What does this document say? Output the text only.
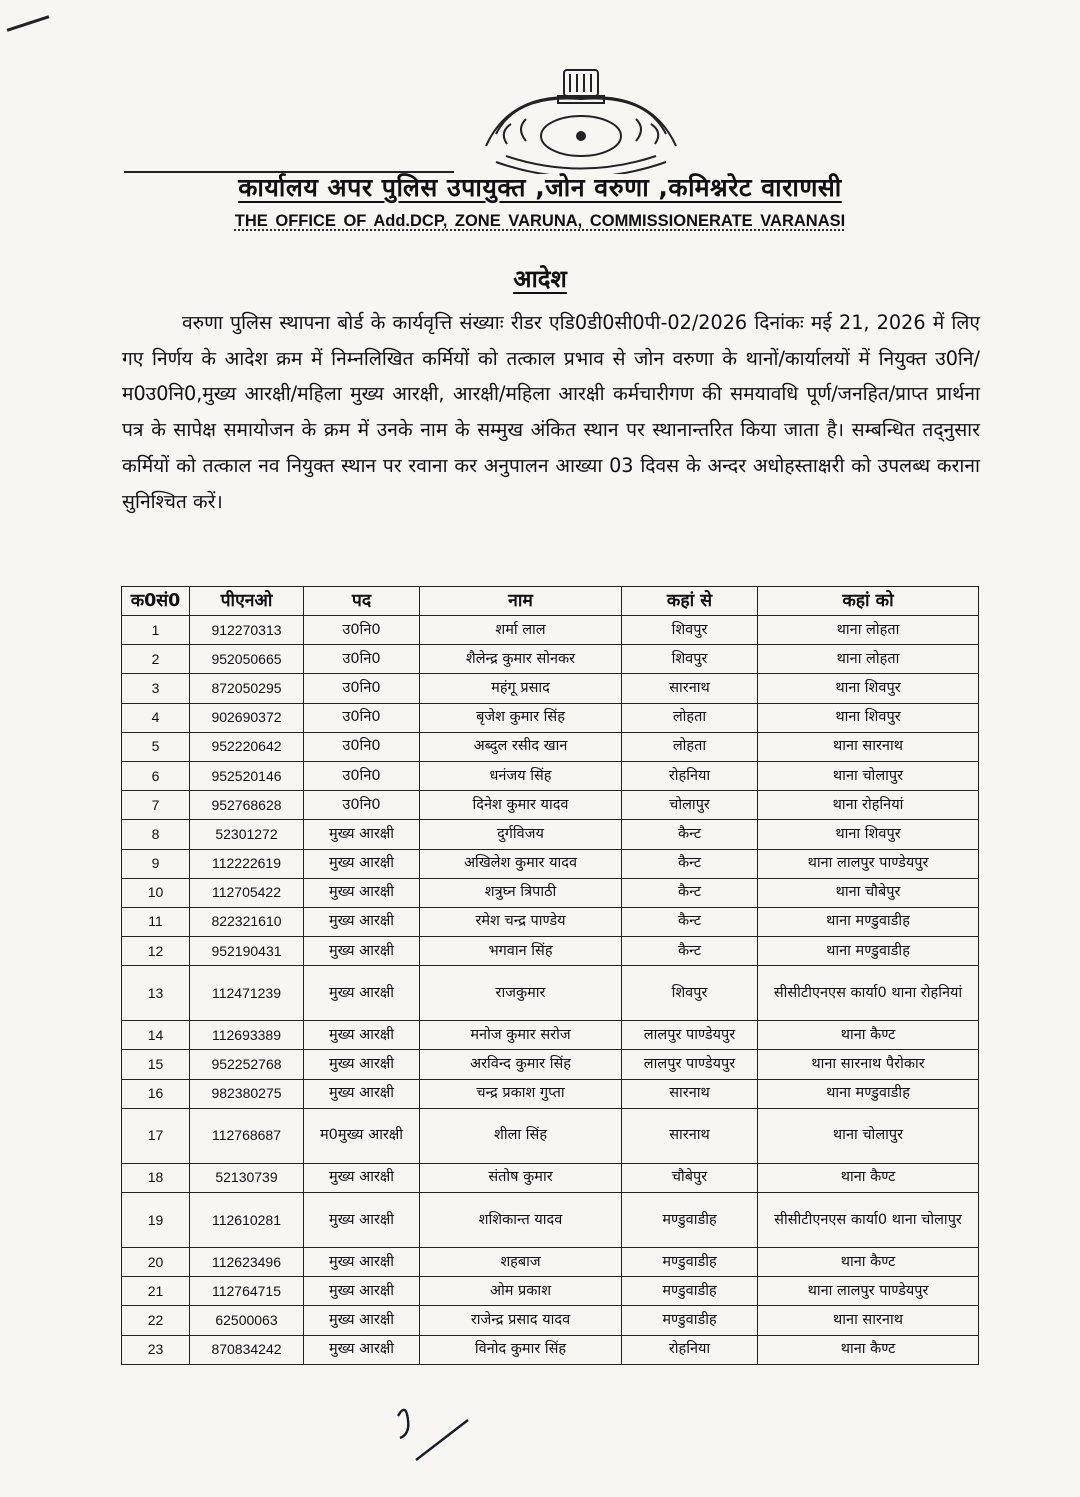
कार्यालय अपर पुलिस उपायुक्त ,जोन वरुणा ,कमिश्नरेट वाराणसी
THE OFFICE OF Add.DCP, ZONE VARUNA, COMMISSIONERATE VARANASI
आदेश

वरुणा पुलिस स्थापना बोर्ड के कार्यवृत्ति संख्याः रीडर एडि0डी0सी0पी-02/2026 दिनांकः मई 21, 2026 में लिए गए निर्णय के आदेश क्रम में निम्नलिखित कर्मियों को तत्काल प्रभाव से जोन वरुणा के थानों/कार्यालयों में नियुक्त उ0नि/म0उ0नि0,मुख्य आरक्षी/महिला मुख्य आरक्षी, आरक्षी/महिला आरक्षी कर्मचारीगण की समयावधि पूर्ण/जनहित/प्राप्त प्रार्थना पत्र के सापेक्ष समायोजन के क्रम में उनके नाम के सम्मुख अंकित स्थान पर स्थानान्तरित किया जाता है। सम्बन्धित तद्नुसार कर्मियों को तत्काल नव नियुक्त स्थान पर रवाना कर अनुपालन आख्या 03 दिवस के अन्दर अधोहस्ताक्षरी को उपलब्ध कराना सुनिश्चित करें।

क0सं0	पीएनओ	पद	नाम	कहां से	कहां को
1	912270313	उ0नि0	शर्मा लाल	शिवपुर	थाना लोहता
2	952050665	उ0नि0	शैलेन्द्र कुमार सोनकर	शिवपुर	थाना लोहता
3	872050295	उ0नि0	महंगू प्रसाद	सारनाथ	थाना शिवपुर
4	902690372	उ0नि0	बृजेश कुमार सिंह	लोहता	थाना शिवपुर
5	952220642	उ0नि0	अब्दुल रसीद खान	लोहता	थाना सारनाथ
6	952520146	उ0नि0	धनंजय सिंह	रोहनिया	थाना चोलापुर
7	952768628	उ0नि0	दिनेश कुमार यादव	चोलापुर	थाना रोहनियां
8	52301272	मुख्य आरक्षी	दुर्गविजय	कैन्ट	थाना शिवपुर
9	112222619	मुख्य आरक्षी	अखिलेश कुमार यादव	कैन्ट	थाना लालपुर पाण्डेयपुर
10	112705422	मुख्य आरक्षी	शत्रुघ्न त्रिपाठी	कैन्ट	थाना चौबेपुर
11	822321610	मुख्य आरक्षी	रमेश चन्द्र पाण्डेय	कैन्ट	थाना मण्डुवाडीह
12	952190431	मुख्य आरक्षी	भगवान सिंह	कैन्ट	थाना मण्डुवाडीह
13	112471239	मुख्य आरक्षी	राजकुमार	शिवपुर	सीसीटीएनएस कार्या0 थाना रोहनियां
14	112693389	मुख्य आरक्षी	मनोज कुमार सरोज	लालपुर पाण्डेयपुर	थाना कैण्ट
15	952252768	मुख्य आरक्षी	अरविन्द कुमार सिंह	लालपुर पाण्डेयपुर	थाना सारनाथ पैरोकार
16	982380275	मुख्य आरक्षी	चन्द्र प्रकाश गुप्ता	सारनाथ	थाना मण्डुवाडीह
17	112768687	म0मुख्य आरक्षी	शीला सिंह	सारनाथ	थाना चोलापुर
18	52130739	मुख्य आरक्षी	संतोष कुमार	चौबेपुर	थाना कैण्ट
19	112610281	मुख्य आरक्षी	शशिकान्त यादव	मण्डुवाडीह	सीसीटीएनएस कार्या0 थाना चोलापुर
20	112623496	मुख्य आरक्षी	शहबाज	मण्डुवाडीह	थाना कैण्ट
21	112764715	मुख्य आरक्षी	ओम प्रकाश	मण्डुवाडीह	थाना लालपुर पाण्डेयपुर
22	62500063	मुख्य आरक्षी	राजेन्द्र प्रसाद यादव	मण्डुवाडीह	थाना सारनाथ
23	870834242	मुख्य आरक्षी	विनोद कुमार सिंह	रोहनिया	थाना कैण्ट
